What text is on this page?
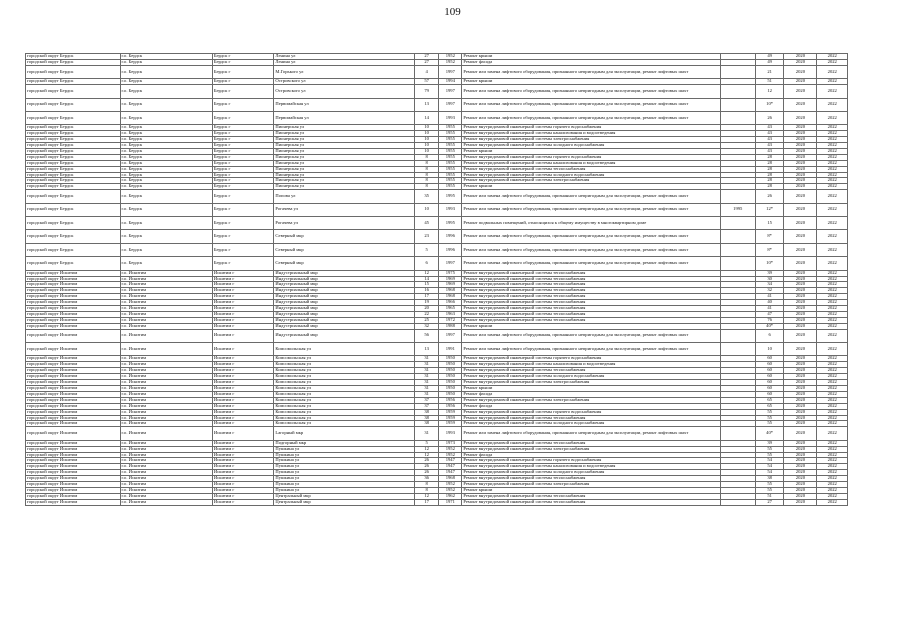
109
городской округ Бердск	г.о. Бердск	Бердск г	Ленина ул	27	1952	Ремонт крыши		49	2020	2022
городской округ Бердск	г.о. Бердск	Бердск г	Ленина ул	27	1952	Ремонт фасада		49	2020	2022
городской округ Бердск	г.о. Бердск	Бердск г	М.Горького ул	4	1997	Ремонт или замена лифтового оборудования, признанного непригодным для эксплуатации, ремонт лифтовых шахт		21	2020	2022
городской округ Бердск	г.о. Бердск	Бердск г	Островского ул	57	1994	Ремонт крыши		51	2020	2022
городской округ Бердск	г.о. Бердск	Бердск г	Островского ул	79	1997	Ремонт или замена лифтового оборудования, признанного непригодным для эксплуатации, ремонт лифтовых шахт		12	2020	2022
городской округ Бердск	г.о. Бердск	Бердск г	Первомайская ул	13	1997	Ремонт или замена лифтового оборудования, признанного непригодным для эксплуатации, ремонт лифтовых шахт		10*	2020	2022
городской округ Бердск	г.о. Бердск	Бердск г	Первомайская ул	14	1993	Ремонт или замена лифтового оборудования, признанного непригодным для эксплуатации, ремонт лифтовых шахт		26	2020	2022
городской округ Бердск	г.о. Бердск	Бердск г	Пионерская ул	10	1955	Ремонт внутридомовой инженерной системы горячего водоснабжения		43	2020	2022
городской округ Бердск	г.о. Бердск	Бердск г	Пионерская ул	10	1955	Ремонт внутридомовой инженерной системы канализования и водоотведения		43	2020	2022
городской округ Бердск	г.о. Бердск	Бердск г	Пионерская ул	10	1955	Ремонт внутридомовой инженерной системы электроснабжения		43	2020	2022
городской округ Бердск	г.о. Бердск	Бердск г	Пионерская ул	10	1955	Ремонт внутридомовой инженерной системы холодного водоснабжения		43	2020	2022
городской округ Бердск	г.о. Бердск	Бердск г	Пионерская ул	10	1955	Ремонт крыши		43	2020	2022
городской округ Бердск	г.о. Бердск	Бердск г	Пионерская ул	8	1955	Ремонт внутридомовой инженерной системы горячего водоснабжения		28	2020	2022
городской округ Бердск	г.о. Бердск	Бердск г	Пионерская ул	8	1955	Ремонт внутридомовой инженерной системы канализования и водоотведения		28	2020	2022
городской округ Бердск	г.о. Бердск	Бердск г	Пионерская ул	8	1955	Ремонт внутридомовой инженерной системы теплоснабжения		28	2020	2022
городской округ Бердск	г.о. Бердск	Бердск г	Пионерская ул	8	1955	Ремонт внутридомовой инженерной системы холодного водоснабжения		28	2020	2022
городской округ Бердск	г.о. Бердск	Бердск г	Пионерская ул	8	1955	Ремонт внутридомовой инженерной системы электроснабжения		28	2020	2022
городской округ Бердск	г.о. Бердск	Бердск г	Пионерская ул	8	1955	Ремонт крыши		28	2020	2022
городской округ Бердск	г.о. Бердск	Бердск г	Попова ул	35	1995	Ремонт или замена лифтового оборудования, признанного непригодным для эксплуатации, ремонт лифтовых шахт		26	2020	2022
городской округ Бердск	г.о. Бердск	Бердск г	Рогачева ул	10	1993	Ремонт или замена лифтового оборудования, признанного непригодным для эксплуатации, ремонт лифтовых шахт	1995	12*	2020	2022
городской округ Бердск	г.о. Бердск	Бердск г	Рогачева ул	45	1995	Ремонт подвальных помещений, относящихся к общему имуществу в многоквартирном доме		15	2020	2022
городской округ Бердск	г.о. Бердск	Бердск г	Северный мкр	23	1996	Ремонт или замена лифтового оборудования, признанного непригодным для эксплуатации, ремонт лифтовых шахт		8*	2020	2022
городской округ Бердск	г.о. Бердск	Бердск г	Северный мкр	5	1996	Ремонт или замена лифтового оборудования, признанного непригодным для эксплуатации, ремонт лифтовых шахт		8*	2020	2022
городской округ Бердск	г.о. Бердск	Бердск г	Северный мкр	6	1997	Ремонт или замена лифтового оборудования, признанного непригодным для эксплуатации, ремонт лифтовых шахт		10*	2020	2022
городской округ Искитим	г.о. Искитим	Искитим г	Индустриальный мкр	12	1975	Ремонт внутридомовой инженерной системы теплоснабжения		39	2020	2022
городской округ Искитим	г.о. Искитим	Искитим г	Индустриальный мкр	14	1969	Ремонт внутридомовой инженерной системы теплоснабжения		30	2020	2022
городской округ Искитим	г.о. Искитим	Искитим г	Индустриальный мкр	15	1969	Ремонт внутридомовой инженерной системы теплоснабжения		34	2020	2022
городской округ Искитим	г.о. Искитим	Искитим г	Индустриальный мкр	16	1968	Ремонт внутридомовой инженерной системы теплоснабжения		32	2020	2022
городской округ Искитим	г.о. Искитим	Искитим г	Индустриальный мкр	17	1968	Ремонт внутридомовой инженерной системы теплоснабжения		41	2020	2022
городской округ Искитим	г.о. Искитим	Искитим г	Индустриальный мкр	19	1966	Ремонт внутридомовой инженерной системы теплоснабжения		40	2020	2022
городской округ Искитим	г.о. Искитим	Искитим г	Индустриальный мкр	20	1965	Ремонт внутридомовой инженерной системы теплоснабжения		41	2020	2022
городской округ Искитим	г.о. Искитим	Искитим г	Индустриальный мкр	22	1963	Ремонт внутридомовой инженерной системы теплоснабжения		47	2020	2022
городской округ Искитим	г.о. Искитим	Искитим г	Индустриальный мкр	25	1972	Ремонт внутридомовой инженерной системы теплоснабжения		76	2020	2022
городской округ Искитим	г.о. Искитим	Искитим г	Индустриальный мкр	32	1988	Ремонт крыши		40*	2020	2022
городской округ Искитим	г.о. Искитим	Искитим г	Индустриальный мкр	56	1997	Ремонт или замена лифтового оборудования, признанного непригодным для эксплуатации, ремонт лифтовых шахт		6	2020	2022
городской округ Искитим	г.о. Искитим	Искитим г	Комсомольская ул	13	1991	Ремонт или замена лифтового оборудования, признанного непригодным для эксплуатации, ремонт лифтовых шахт		10	2020	2022
городской округ Искитим	г.о. Искитим	Искитим г	Комсомольская ул	31	1950	Ремонт внутридомовой инженерной системы горячего водоснабжения		60	2020	2022
городской округ Искитим	г.о. Искитим	Искитим г	Комсомольская ул	31	1950	Ремонт внутридомовой инженерной системы канализования и водоотведения		60	2020	2022
городской округ Искитим	г.о. Искитим	Искитим г	Комсомольская ул	31	1950	Ремонт внутридомовой инженерной системы теплоснабжения		60	2020	2022
городской округ Искитим	г.о. Искитим	Искитим г	Комсомольская ул	31	1950	Ремонт внутридомовой инженерной системы холодного водоснабжения		60	2020	2022
городской округ Искитим	г.о. Искитим	Искитим г	Комсомольская ул	31	1950	Ремонт внутридомовой инженерной системы электроснабжения		60	2020	2022
городской округ Искитим	г.о. Искитим	Искитим г	Комсомольская ул	31	1950	Ремонт крыши		60	2020	2022
городской округ Искитим	г.о. Искитим	Искитим г	Комсомольская ул	31	1950	Ремонт фасада		60	2020	2022
городской округ Искитим	г.о. Искитим	Искитим г	Комсомольская ул	37	1956	Ремонт внутридомовой инженерной системы электроснабжения		65	2020	2022
городской округ Искитим	г.о. Искитим	Искитим г	Комсомольская ул	37	1956	Ремонт фасада		65	2020	2022
городской округ Искитим	г.о. Искитим	Искитим г	Комсомольская ул	38	1959	Ремонт внутридомовой инженерной системы горячего водоснабжения		55	2020	2022
городской округ Искитим	г.о. Искитим	Искитим г	Комсомольская ул	38	1959	Ремонт внутридомовой инженерной системы теплоснабжения		55	2020	2022
городской округ Искитим	г.о. Искитим	Искитим г	Комсомольская ул	38	1959	Ремонт внутридомовой инженерной системы холодного водоснабжения		55	2020	2022
городской округ Искитим	г.о. Искитим	Искитим г	Laгорный мкр	31	1993	Ремонт или замена лифтового оборудования, признанного непригодным для эксплуатации, ремонт лифтовых шахт		40*	2020	2022
городской округ Искитим	г.о. Искитим	Искитим г	Подгорный мкр	5	1973	Ремонт внутридомовой инженерной системы теплоснабжения		39	2020	2022
городской округ Искитим	г.о. Искитим	Искитим г	Пушкина ул	12	1952	Ремонт внутридомовой инженерной системы электроснабжения		55	2020	2022
городской округ Искитим	г.о. Искитим	Искитим г	Пушкина ул	12	1952	Ремонт фасада		55	2020	2022
городской округ Искитим	г.о. Искитим	Искитим г	Пушкина ул	26	1947	Ремонт внутридомовой инженерной системы горячего водоснабжения		54	2020	2022
городской округ Искитим	г.о. Искитим	Искитим г	Пушкина ул	26	1947	Ремонт внутридомовой инженерной системы канализования и водоотведения		54	2020	2022
городской округ Искитим	г.о. Искитим	Искитим г	Пушкина ул	26	1947	Ремонт внутридомовой инженерной системы холодного водоснабжения		54	2020	2022
городской округ Искитим	г.о. Искитим	Искитим г	Пушкина ул	36	1968	Ремонт внутридомовой инженерной системы теплоснабжения		38	2020	2022
городской округ Искитим	г.о. Искитим	Искитим г	Пушкина ул	8	1952	Ремонт внутридомовой инженерной системы электроснабжения		55	2020	2022
городской округ Искитим	г.о. Искитим	Искитим г	Пушкина ул	8	1952	Ремонт крыши		55	2020	2022
городской округ Искитим	г.о. Искитим	Искитим г	Центральный мкр	12	1962	Ремонт внутридомовой инженерной системы теплоснабжения		51	2020	2022
городской округ Искитим	г.о. Искитим	Искитим г	Центральный мкр	17	1971	Ремонт внутридомовой инженерной системы теплоснабжения		27	2020	2022
